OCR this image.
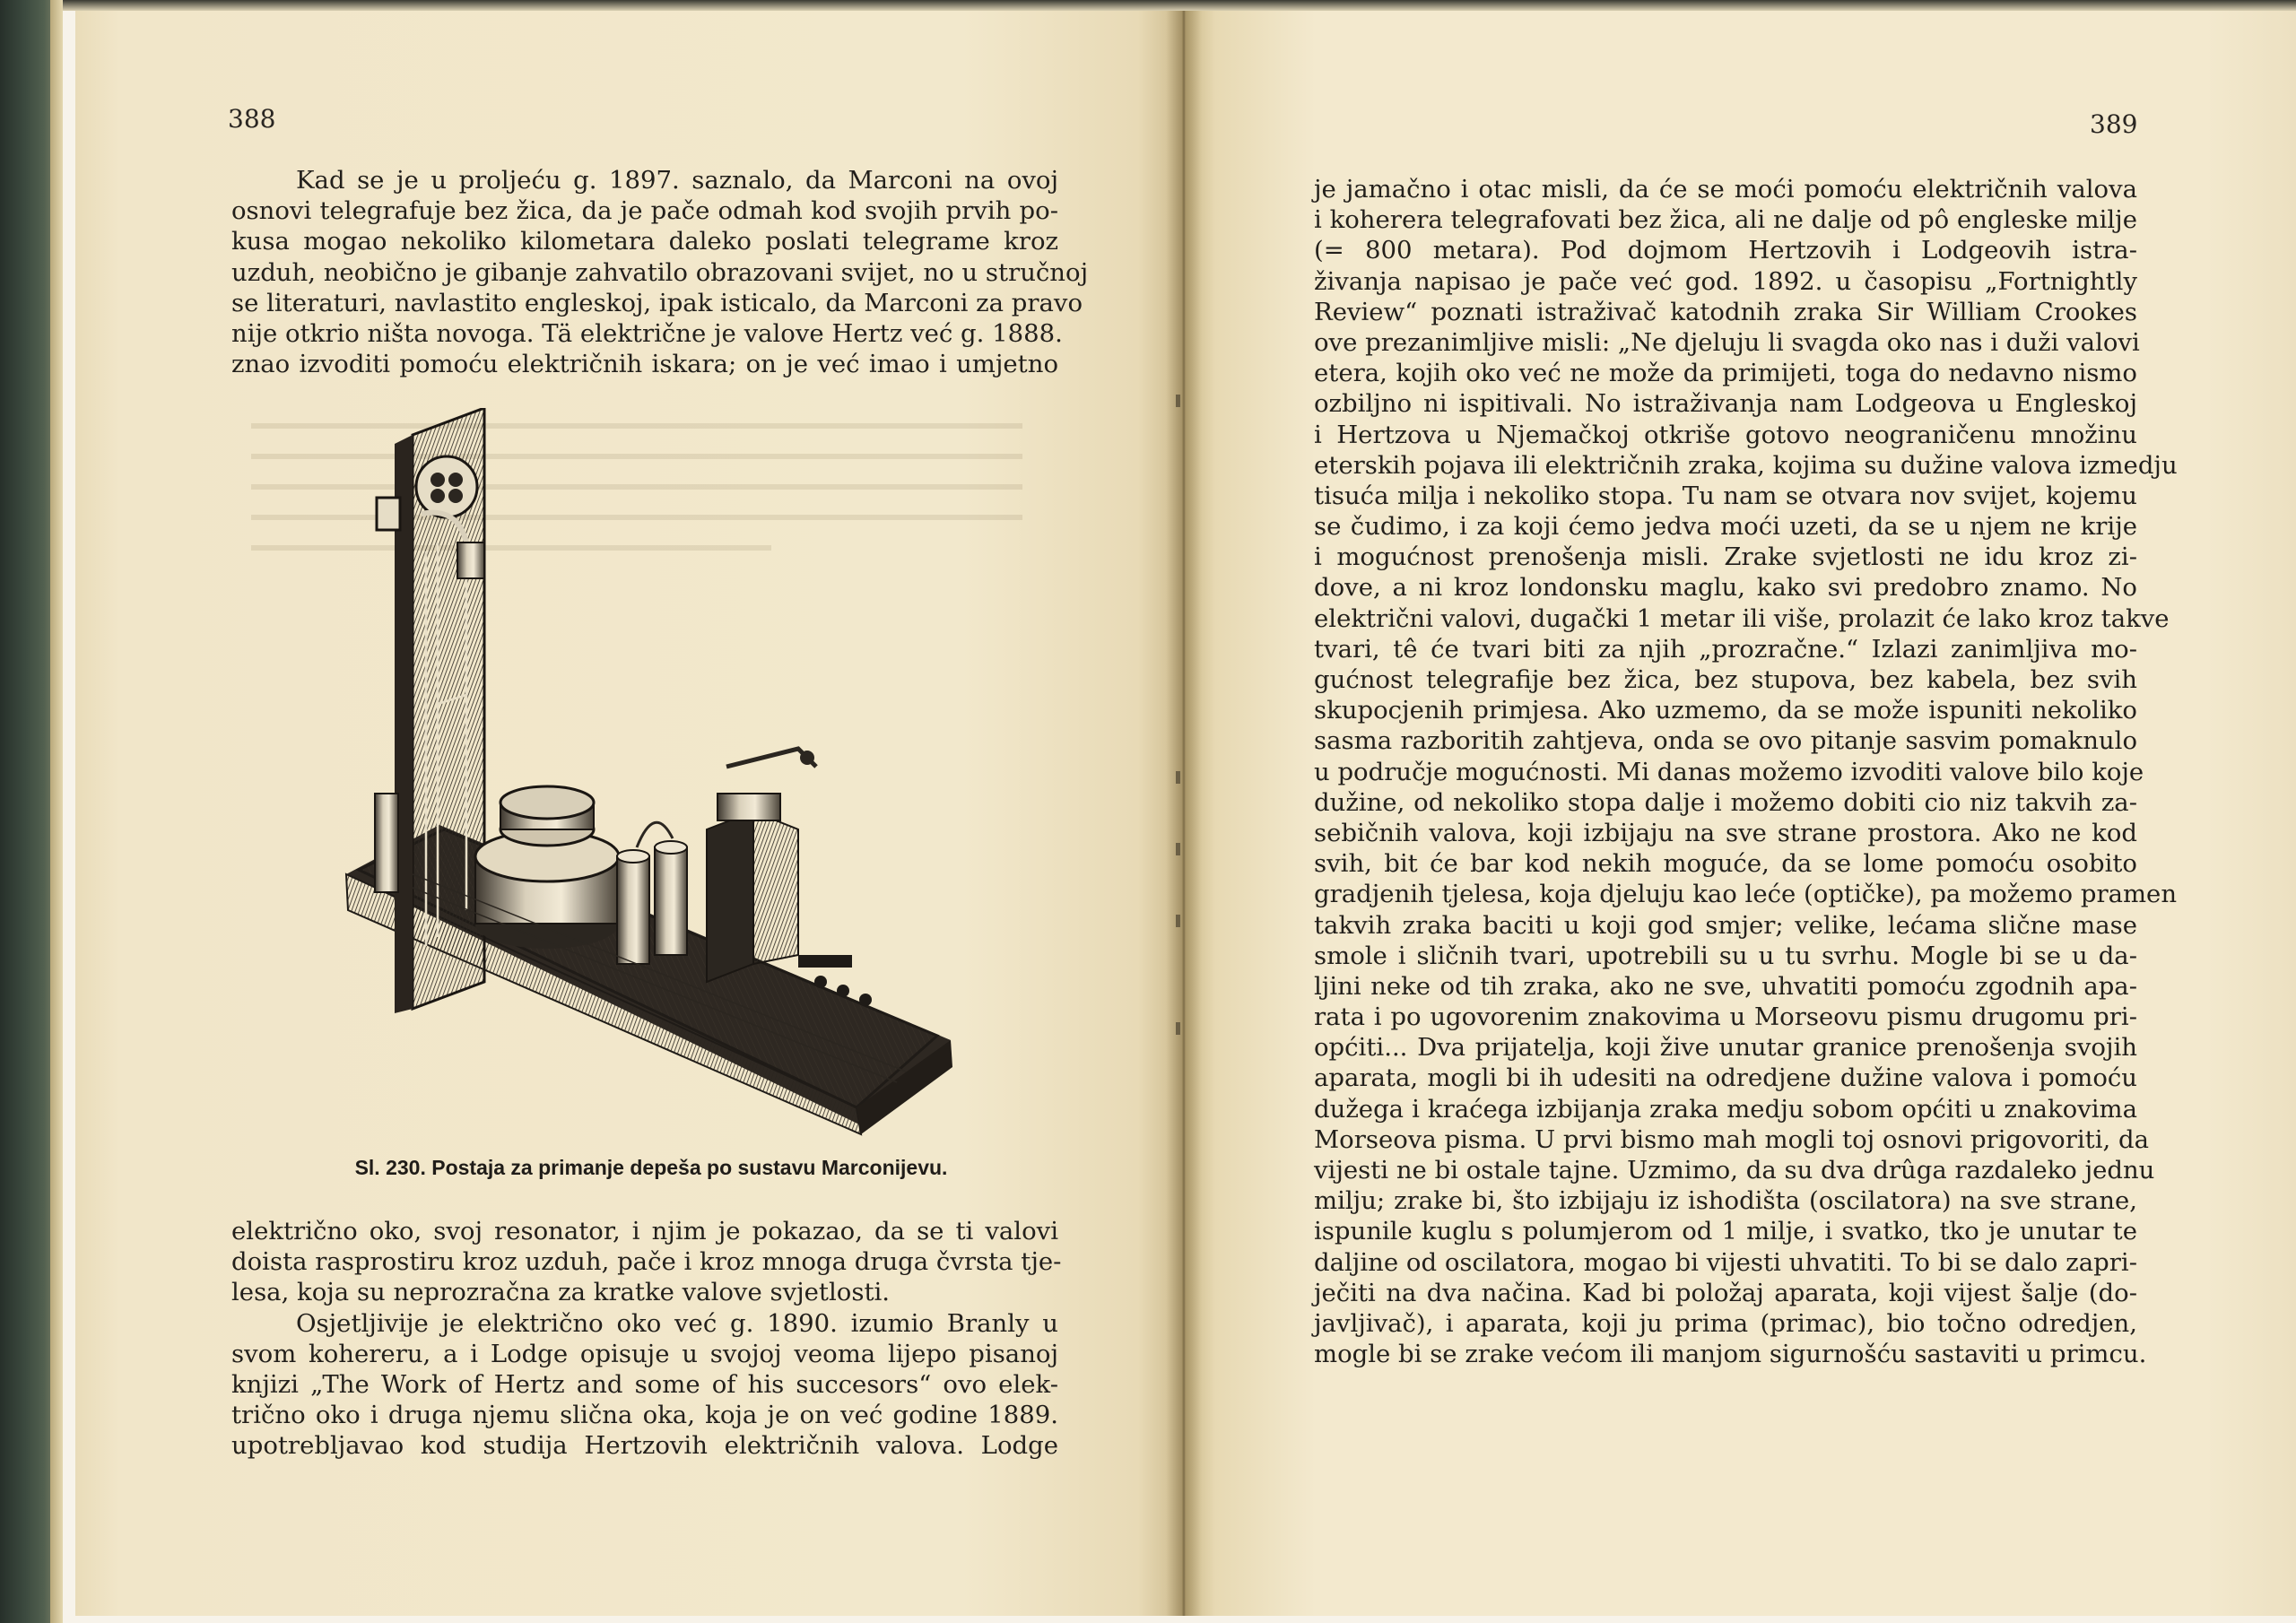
388
Kad se je u proljeću g. 1897. saznalo, da Marconi na ovoj
osnovi telegrafuje bez žica, da je pače odmah kod svojih prvih po-
kusa mogao nekoliko kilometara daleko poslati telegrame kroz
uzduh, neobično je gibanje zahvatilo obrazovani svijet, no u stručnoj
se literaturi, navlastito engleskoj, ipak isticalo, da Marconi za pravo
nije otkrio ništa novoga. Tä električne je valove Hertz već g. 1888.
znao izvoditi pomoću električnih iskara; on je već imao i umjetno
Sl. 230. Postaja za primanje depeša po sustavu Marconijevu.
električno oko, svoj resonator, i njim je pokazao, da se ti valovi
doista rasprostiru kroz uzduh, pače i kroz mnoga druga čvrsta tje-
lesa, koja su neprozračna za kratke valove svjetlosti.
Osjetljivije je električno oko već g. 1890. izumio Branly u
svom kohereru, a i Lodge opisuje u svojoj veoma lijepo pisanoj
knjizi „The Work of Hertz and some of his succesors“ ovo elek-
trično oko i druga njemu slična oka, koja je on već godine 1889.
upotrebljavao kod studija Hertzovih električnih valova. Lodge
389
je jamačno i otac misli, da će se moći pomoću električnih valova
i koherera telegrafovati bez žica, ali ne dalje od pô engleske milje
(= 800 metara). Pod dojmom Hertzovih i Lodgeovih istra-
živanja napisao je pače već god. 1892. u časopisu „Fortnightly
Review“ poznati istraživač katodnih zraka Sir William Crookes
ove prezanimljive misli: „Ne djeluju li svagda oko nas i duži valovi
etera, kojih oko već ne može da primijeti, toga do nedavno nismo
ozbiljno ni ispitivali. No istraživanja nam Lodgeova u Engleskoj
i Hertzova u Njemačkoj otkriše gotovo neograničenu množinu
eterskih pojava ili električnih zraka, kojima su dužine valova izmedju
tisuća milja i nekoliko stopa. Tu nam se otvara nov svijet, kojemu
se čudimo, i za koji ćemo jedva moći uzeti, da se u njem ne krije
i mogućnost prenošenja misli. Zrake svjetlosti ne idu kroz zi-
dove, a ni kroz londonsku maglu, kako svi predobro znamo. No
električni valovi, dugački 1 metar ili više, prolazit će lako kroz takve
tvari, tê će tvari biti za njih „prozračne.“ Izlazi zanimljiva mo-
gućnost telegrafije bez žica, bez stupova, bez kabela, bez svih
skupocjenih primjesa. Ako uzmemo, da se može ispuniti nekoliko
sasma razboritih zahtjeva, onda se ovo pitanje sasvim pomaknulo
u područje mogućnosti. Mi danas možemo izvoditi valove bilo koje
dužine, od nekoliko stopa dalje i možemo dobiti cio niz takvih za-
sebičnih valova, koji izbijaju na sve strane prostora. Ako ne kod
svih, bit će bar kod nekih moguće, da se lome pomoću osobito
gradjenih tjelesa, koja djeluju kao leće (optičke), pa možemo pramen
takvih zraka baciti u koji god smjer; velike, lećama slične mase
smole i sličnih tvari, upotrebili su u tu svrhu. Mogle bi se u da-
ljini neke od tih zraka, ako ne sve, uhvatiti pomoću zgodnih apa-
rata i po ugovorenim znakovima u Morseovu pismu drugomu pri-
općiti... Dva prijatelja, koji žive unutar granice prenošenja svojih
aparata, mogli bi ih udesiti na odredjene dužine valova i pomoću
dužega i kraćega izbijanja zraka medju sobom općiti u znakovima
Morseova pisma. U prvi bismo mah mogli toj osnovi prigovoriti, da
vijesti ne bi ostale tajne. Uzmimo, da su dva drûga razdaleko jednu
milju; zrake bi, što izbijaju iz ishodišta (oscilatora) na sve strane,
ispunile kuglu s polumjerom od 1 milje, i svatko, tko je unutar te
daljine od oscilatora, mogao bi vijesti uhvatiti. To bi se dalo zapri-
ječiti na dva načina. Kad bi položaj aparata, koji vijest šalje (do-
javljivač), i aparata, koji ju prima (primac), bio točno odredjen,
mogle bi se zrake većom ili manjom sigurnošću sastaviti u primcu.
